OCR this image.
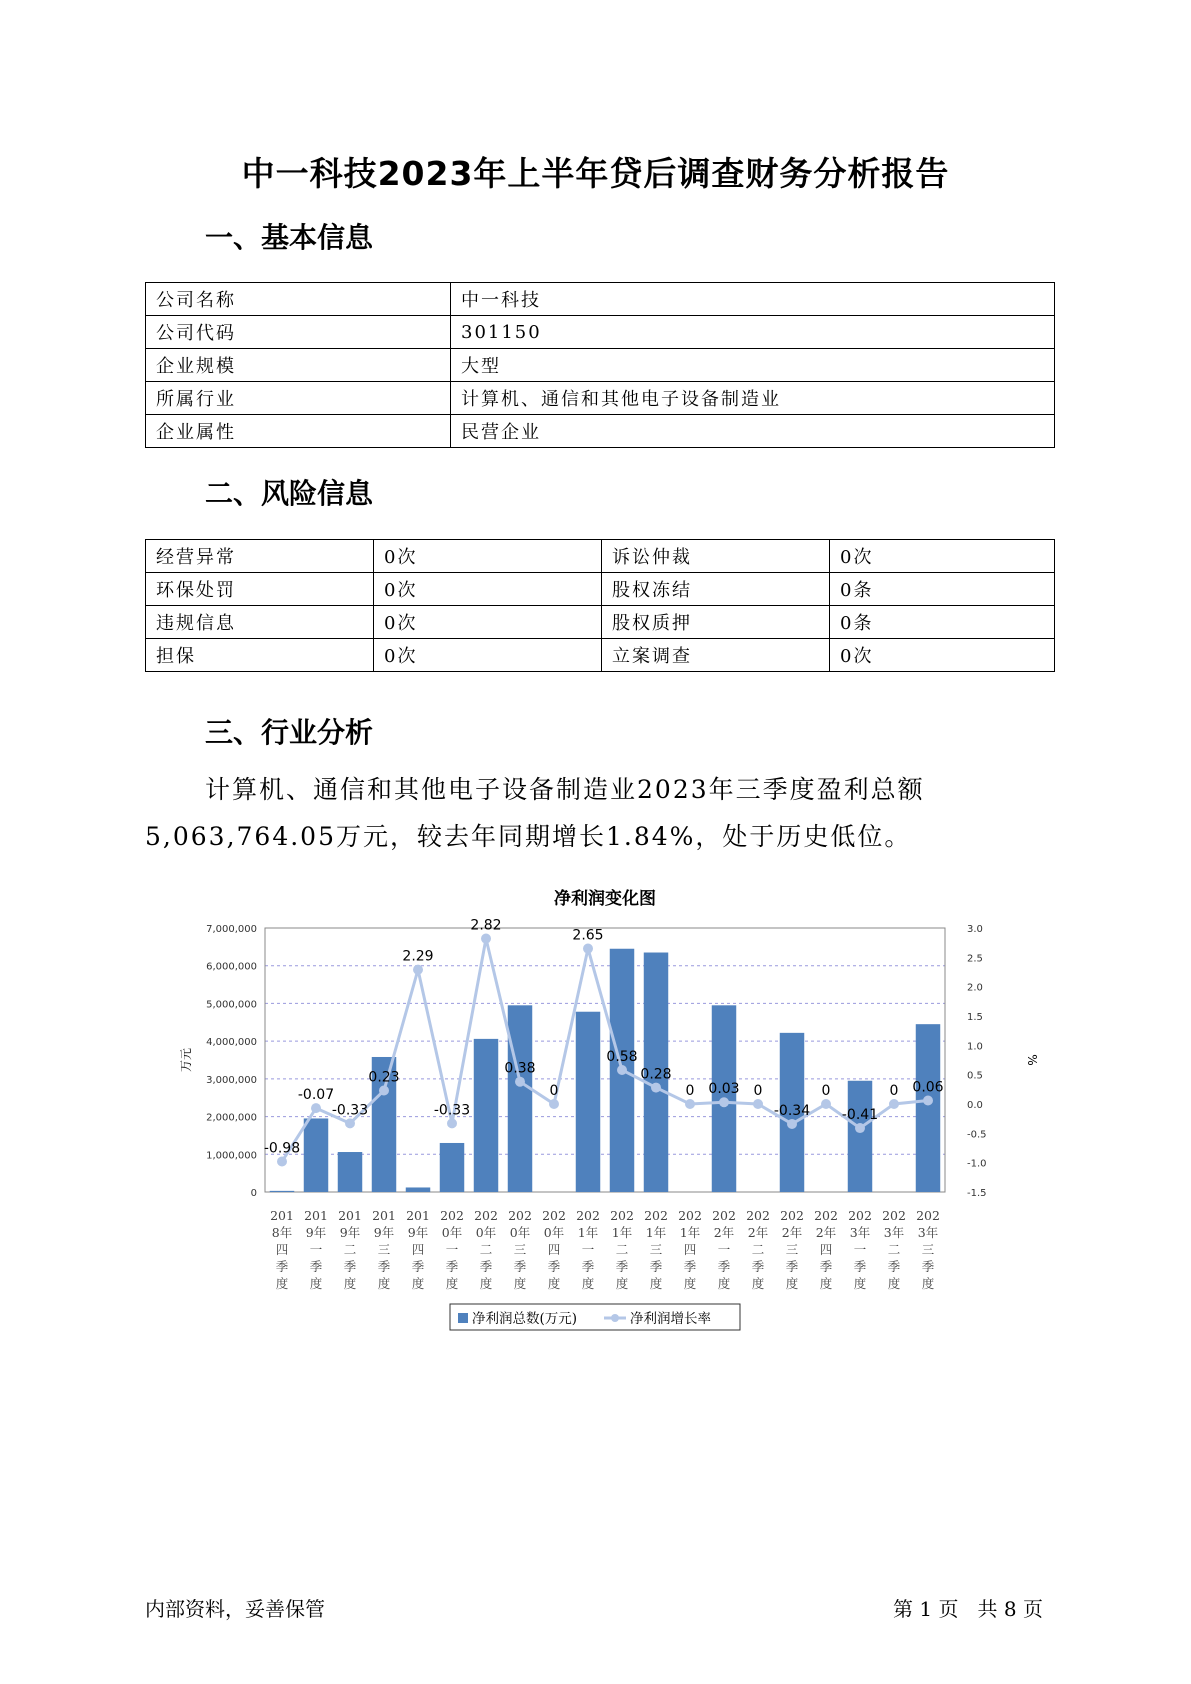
中一科技2023年上半年贷后调查财务分析报告
一、基本信息
公司名称	中一科技
公司代码	301150
企业规模	大型
所属行业	计算机、通信和其他电子设备制造业
企业属性	民营企业
二、风险信息
经营异常	0次	诉讼仲裁	0次
环保处罚	0次	股权冻结	0条
违规信息	0次	股权质押	0条
担保	0次	立案调查	0次
三、行业分析
计算机、通信和其他电子设备制造业2023年三季度盈利总额
5,063,764.05万元，较去年同期增长1.84%，处于历史低位。
净利润变化图
0
1,000,000
2,000,000
3,000,000
4,000,000
5,000,000
6,000,000
7,000,000
-1.5
-1.0
-0.5
0.0
0.5
1.0
1.5
2.0
2.5
3.0
万元	%
-0.98
-0.07
-0.33
0.23
2.29
-0.33
2.82
0.38
0
2.65
0.58
0.28
0 0.03 0
-0.34
0
-0.41
0 0.06
201
8年
四
季
度
201
9年
一
季
度
201
9年
二
季
度
201
9年
三
季
度
201
9年
四
季
度
202
0年
一
季
度
202
0年
二
季
度
202
0年
三
季
度
202
0年
四
季
度
202
1年
一
季
度
202
1年
二
季
度
202
1年
三
季
度
202
1年
四
季
度
202
2年
一
季
度
202
2年
二
季
度
202
2年
三
季
度
202
2年
四
季
度
202
3年
一
季
度
202
3年
二
季
度
202
3年
三
季
度
净利润总数(万元)	净利润增长率
内部资料，妥善保管	第 1 页   共 8 页
